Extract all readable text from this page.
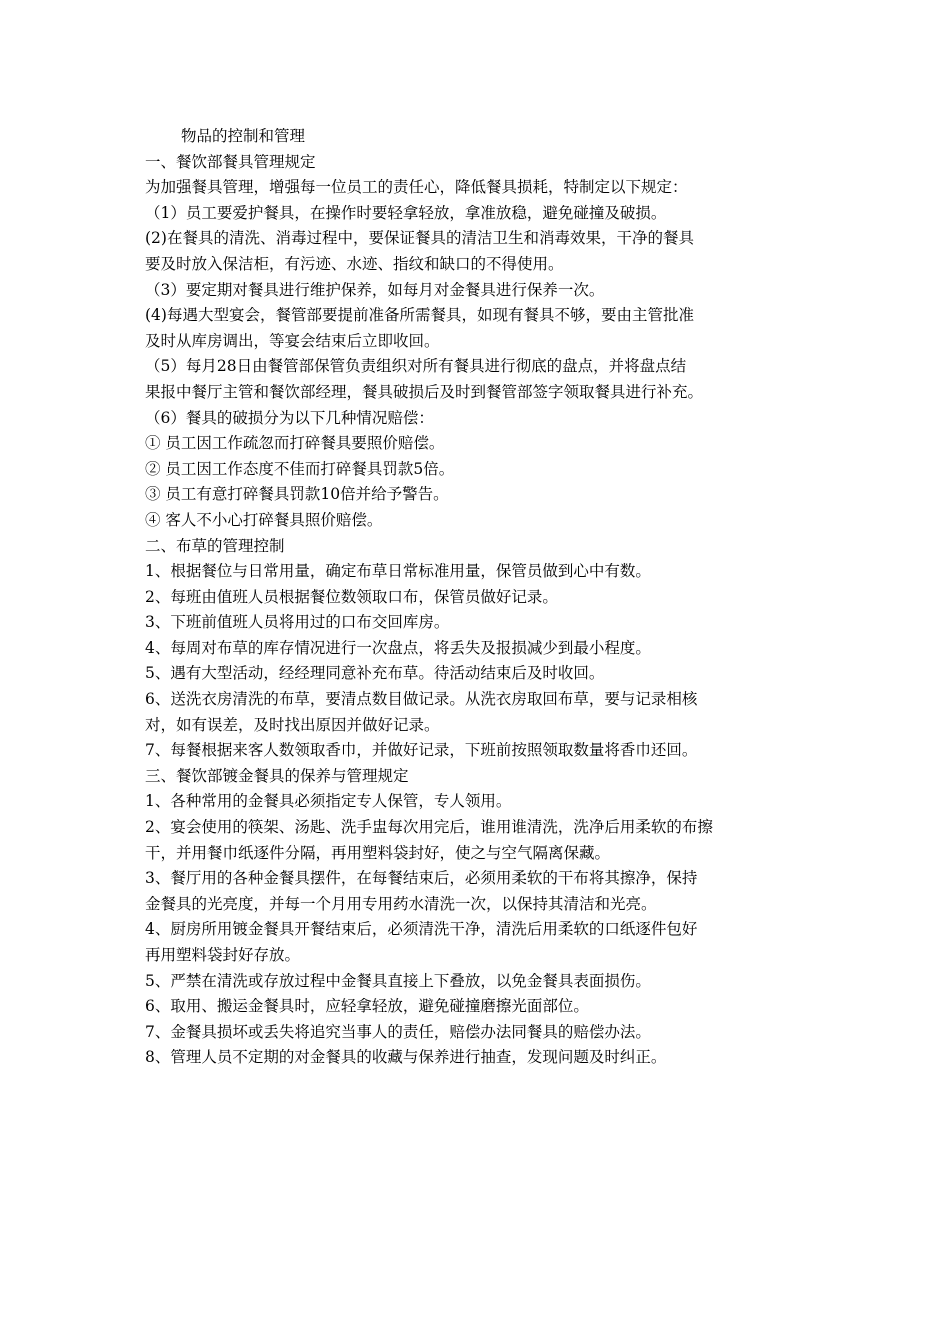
物品的控制和管理
一、餐饮部餐具管理规定
为加强餐具管理，增强每一位员工的责任心，降低餐具损耗，特制定以下规定：
（1）员工要爱护餐具，在操作时要轻拿轻放，拿准放稳，避免碰撞及破损。
(2)在餐具的清洗、消毒过程中，要保证餐具的清洁卫生和消毒效果，干净的餐具
要及时放入保洁柜，有污迹、水迹、指纹和缺口的不得使用。
（3）要定期对餐具进行维护保养，如每月对金餐具进行保养一次。
(4)每遇大型宴会，餐管部要提前准备所需餐具，如现有餐具不够，要由主管批准
及时从库房调出，等宴会结束后立即收回。
（5）每月28日由餐管部保管负责组织对所有餐具进行彻底的盘点，并将盘点结
果报中餐厅主管和餐饮部经理，餐具破损后及时到餐管部签字领取餐具进行补充。
（6）餐具的破损分为以下几种情况赔偿：
① 员工因工作疏忽而打碎餐具要照价赔偿。
② 员工因工作态度不佳而打碎餐具罚款5倍。
③ 员工有意打碎餐具罚款10倍并给予警告。
④ 客人不小心打碎餐具照价赔偿。
二、布草的管理控制
1、根据餐位与日常用量，确定布草日常标准用量，保管员做到心中有数。
2、每班由值班人员根据餐位数领取口布，保管员做好记录。
3、下班前值班人员将用过的口布交回库房。
4、每周对布草的库存情况进行一次盘点，将丢失及报损减少到最小程度。
5、遇有大型活动，经经理同意补充布草。待活动结束后及时收回。
6、送洗衣房清洗的布草，要清点数目做记录。从洗衣房取回布草，要与记录相核
对，如有误差，及时找出原因并做好记录。
7、每餐根据来客人数领取香巾，并做好记录，下班前按照领取数量将香巾还回。
三、餐饮部镀金餐具的保养与管理规定
1、各种常用的金餐具必须指定专人保管，专人领用。
2、宴会使用的筷架、汤匙、洗手盅每次用完后，谁用谁清洗，洗净后用柔软的布擦
干，并用餐巾纸逐件分隔，再用塑料袋封好，使之与空气隔离保藏。
3、餐厅用的各种金餐具摆件，在每餐结束后，必须用柔软的干布将其擦净，保持
金餐具的光亮度，并每一个月用专用药水清洗一次，以保持其清洁和光亮。
4、厨房所用镀金餐具开餐结束后，必须清洗干净，清洗后用柔软的口纸逐件包好
再用塑料袋封好存放。
5、严禁在清洗或存放过程中金餐具直接上下叠放，以免金餐具表面损伤。
6、取用、搬运金餐具时，应轻拿轻放，避免碰撞磨擦光面部位。
7、金餐具损坏或丢失将追究当事人的责任，赔偿办法同餐具的赔偿办法。
8、管理人员不定期的对金餐具的收藏与保养进行抽查，发现问题及时纠正。
